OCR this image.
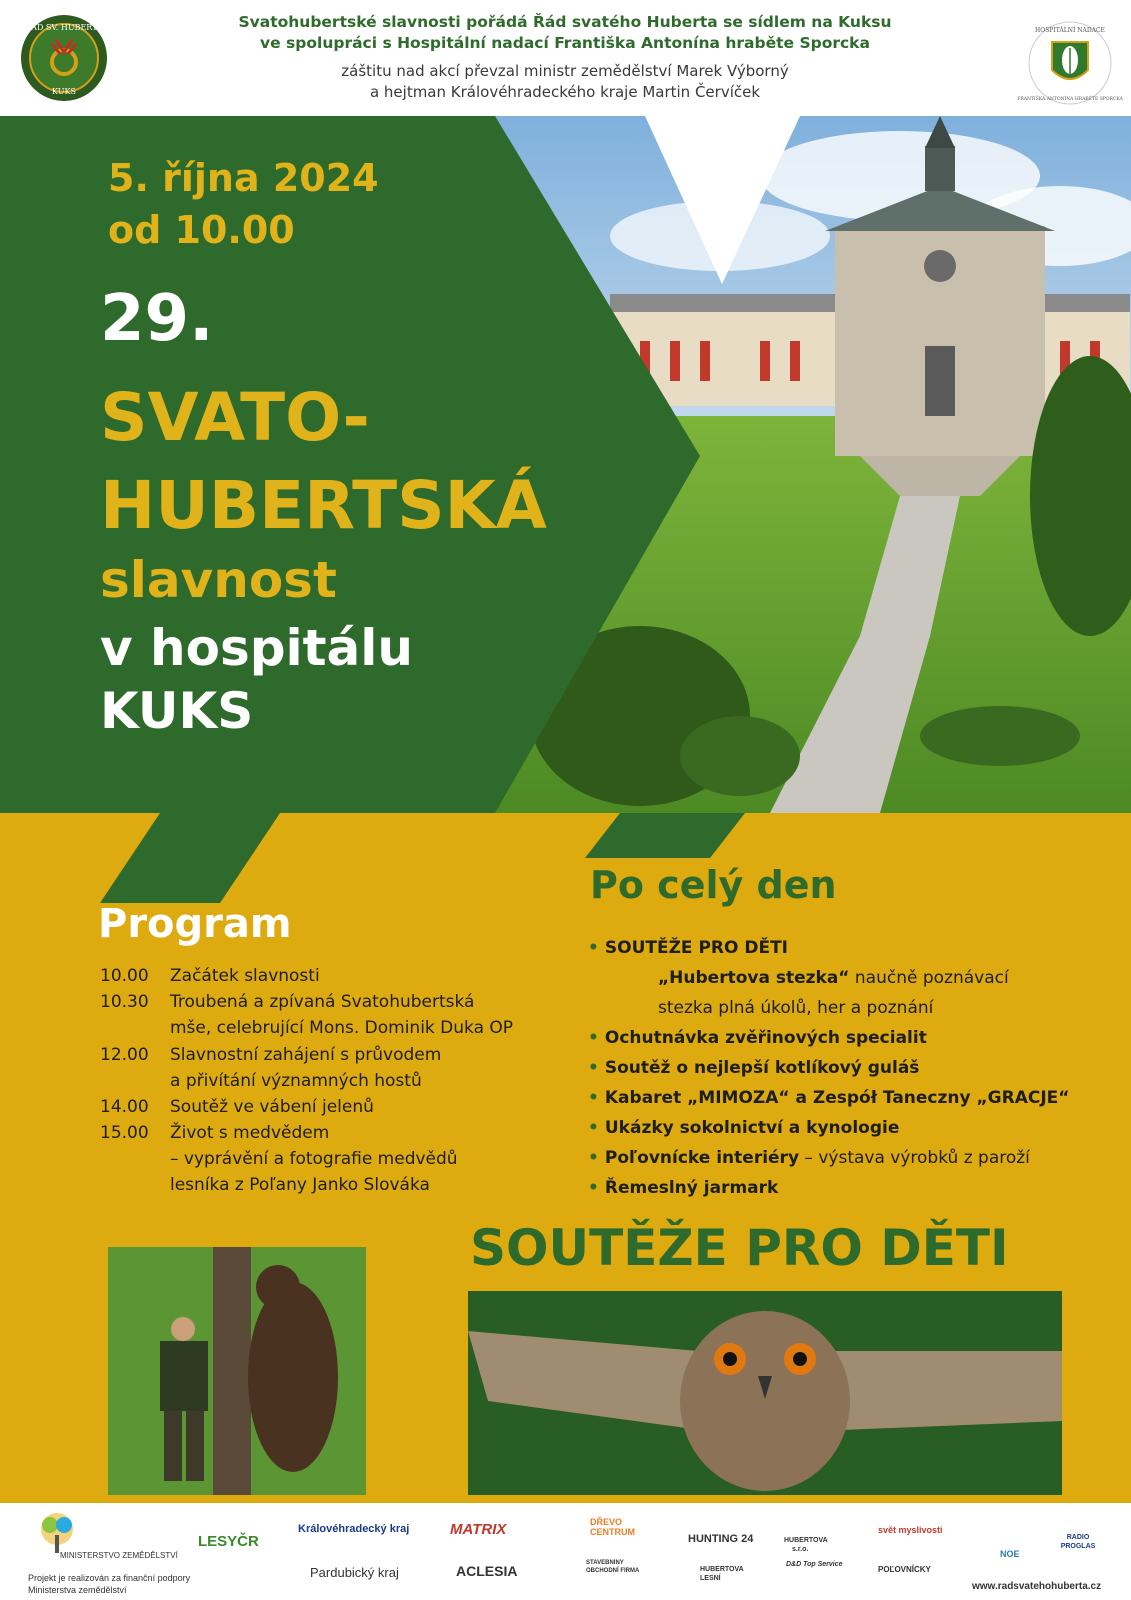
ŘÁD SV. HUBERTA
KUKS
Svatohubertské slavnosti pořádá Řád svatého Huberta se sídlem na Kuksu
ve spolupráci s Hospitální nadací Františka Antonína hraběte Sporcka
záštitu nad akcí převzal ministr zemědělství Marek Výborný
a hejtman Královéhradeckého kraje Martin Červíček
HOSPITÁLNÍ NADACE
FRANTIŠKA ANTONÍNA HRABĚTE SPORCKA
5. října 2024
od 10.00
29.
SVATO-
HUBERTSKÁ
slavnost
v hospitálu
KUKS
Program
10.00	Začátek slavnosti
10.30	Troubená a zpívaná Svatohubertská
mše, celebrující Mons. Dominik Duka OP
12.00	Slavnostní zahájení s průvodem
a přivítání významných hostů
14.00	Soutěž ve vábení jelenů
15.00	Život s medvědem
– vyprávění a fotografie medvědů
lesníka z Poľany Janko Slováka
Po celý den
• SOUTĚŽE PRO DĚTI
„Hubertova stezka“ naučně poznávací
stezka plná úkolů, her a poznání
• Ochutnávka zvěřinových specialit
• Soutěž o nejlepší kotlíkový guláš
• Kabaret „MIMOZA“ a Zespół Taneczny „GRACJE“
• Ukázky sokolnictví a kynologie
• Poľovnícke interiéry – výstava výrobků z paroží
• Řemeslný jarmark
SOUTĚŽE PRO DĚTI
MINISTERSTVO ZEMĚDĚLSTVÍ
Projekt je realizován za finanční podpory
Ministerstva zemědělství
LESYČR
Královéhradecký kraj
Pardubický kraj
MATRIX
ACLESIA
DŘEVO
CENTRUM
STAVEBNINY OBCHODNÍ FIRMA
HUNTING 24
HUBERTOVA LESNÍ
HUBERTOVA
s.r.o.
D&D Top Service
svět myslivosti
POĽOVNÍCKY
NOE
RADIO PROGLAS
www.radsvatehohuberta.cz
